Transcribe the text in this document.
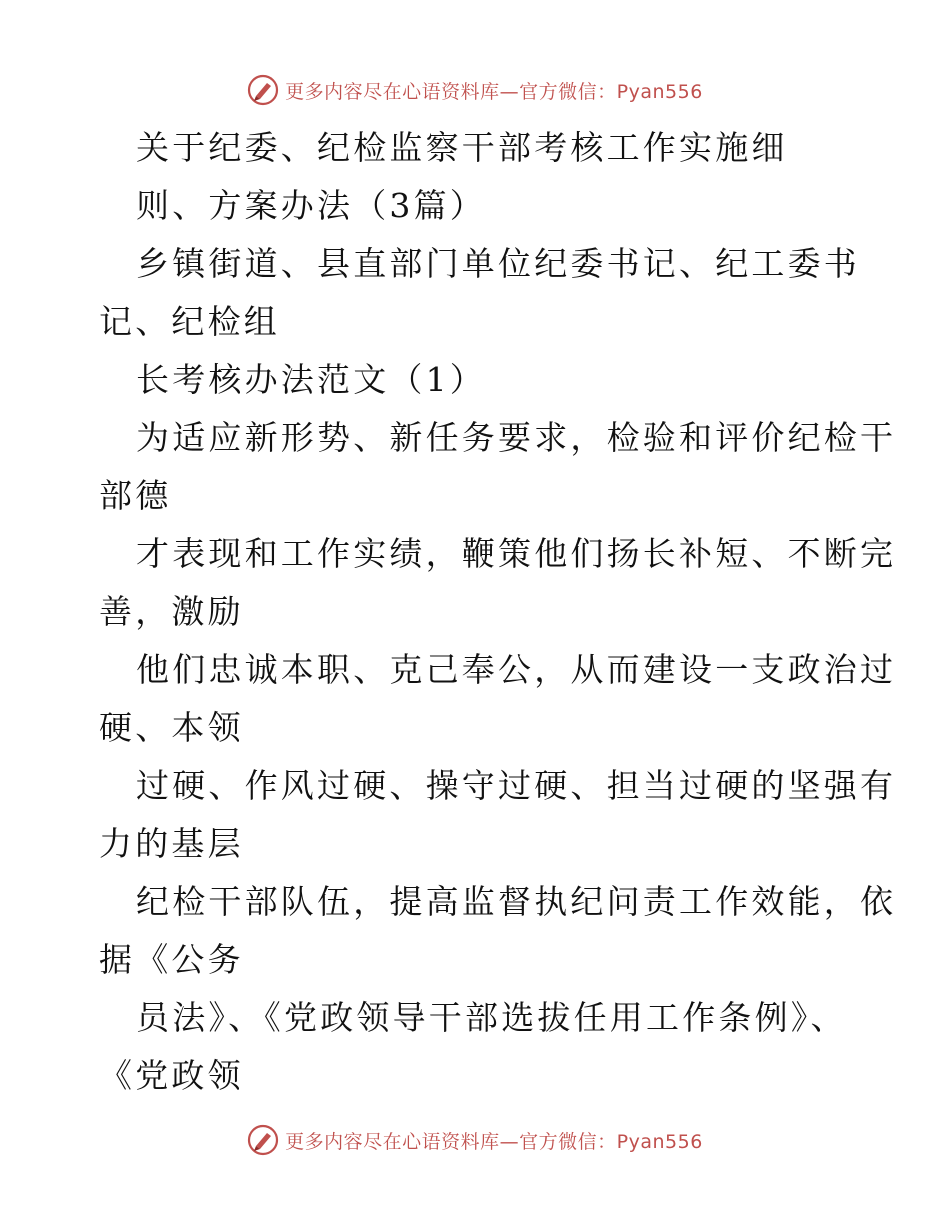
更多内容尽在心语资料库—官方微信：Pyan556
关于纪委、纪检监察干部考核工作实施细
则、方案办法（3篇）
乡镇街道、县直部门单位纪委书记、纪工委书
记、纪检组
长考核办法范文（1）
为适应新形势、新任务要求，检验和评价纪检干
部德
才表现和工作实绩，鞭策他们扬长补短、不断完
善，激励
他们忠诚本职、克己奉公，从而建设一支政治过
硬、本领
过硬、作风过硬、操守过硬、担当过硬的坚强有
力的基层
纪检干部队伍，提高监督执纪问责工作效能，依
据《公务
员法》、《党政领导干部选拔任用工作条例》、
《党政领
更多内容尽在心语资料库—官方微信：Pyan556
